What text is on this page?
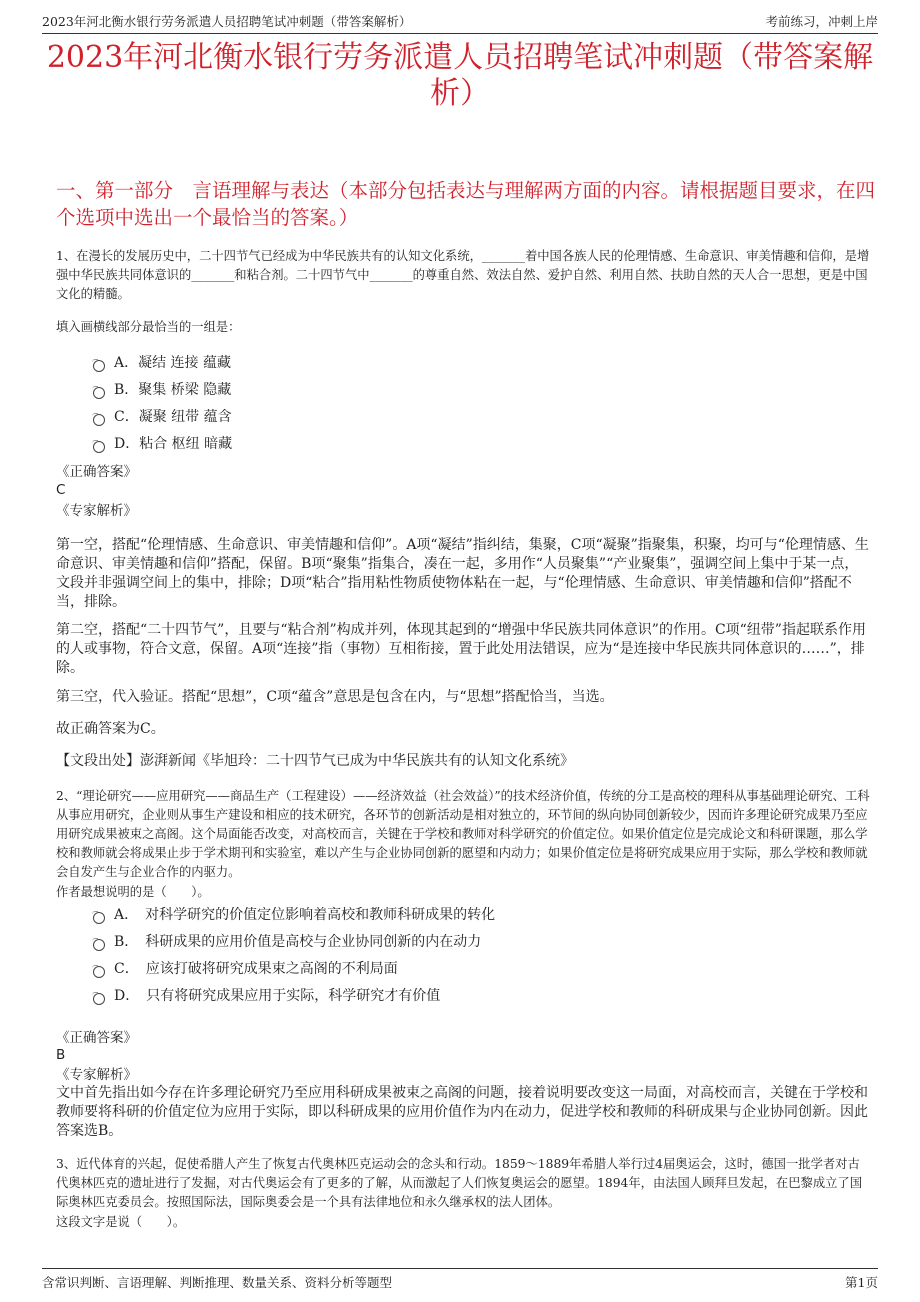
2023年河北衡水银行劳务派遣人员招聘笔试冲刺题（带答案解析）	考前练习，冲刺上岸
2023年河北衡水银行劳务派遣人员招聘笔试冲刺题（带答案解析）
一、第一部分　言语理解与表达（本部分包括表达与理解两方面的内容。请根据题目要求，在四个选项中选出一个最恰当的答案。）
1、在漫长的发展历史中，二十四节气已经成为中华民族共有的认知文化系统，_______着中国各族人民的伦理情感、生命意识、审美情趣和信仰，是增强中华民族共同体意识的_______和粘合剂。二十四节气中_______的尊重自然、效法自然、爱护自然、利用自然、扶助自然的天人合一思想，更是中国文化的精髓。
填入画横线部分最恰当的一组是：
A．凝结 连接 蕴藏
B．聚集 桥梁 隐藏
C．凝聚 纽带 蕴含
D．粘合 枢纽 暗藏
《正确答案》
C
《专家解析》
第一空，搭配“伦理情感、生命意识、审美情趣和信仰”。A项“凝结”指纠结，集聚，C项“凝聚”指聚集，积聚，均可与“伦理情感、生命意识、审美情趣和信仰”搭配，保留。B项“聚集”指集合，凑在一起，多用作“人员聚集”“产业聚集”，强调空间上集中于某一点，文段并非强调空间上的集中，排除；D项“粘合”指用粘性物质使物体粘在一起，与“伦理情感、生命意识、审美情趣和信仰”搭配不当，排除。
第二空，搭配“二十四节气”，且要与“粘合剂”构成并列，体现其起到的“增强中华民族共同体意识”的作用。C项“纽带”指起联系作用的人或事物，符合文意，保留。A项“连接”指（事物）互相衔接，置于此处用法错误，应为“是连接中华民族共同体意识的……”，排除。
第三空，代入验证。搭配“思想”，C项“蕴含”意思是包含在内，与“思想”搭配恰当，当选。
故正确答案为C。
【文段出处】澎湃新闻《毕旭玲：二十四节气已成为中华民族共有的认知文化系统》
2、“理论研究——应用研究——商品生产（工程建设）——经济效益（社会效益）”的技术经济价值，传统的分工是高校的理科从事基础理论研究、工科从事应用研究，企业则从事生产建设和相应的技术研究，各环节的创新活动是相对独立的，环节间的纵向协同创新较少，因而许多理论研究成果乃至应用研究成果被束之高阁。这个局面能否改变，对高校而言，关键在于学校和教师对科学研究的价值定位。如果价值定位是完成论文和科研课题，那么学校和教师就会将成果止步于学术期刊和实验室，难以产生与企业协同创新的愿望和内动力；如果价值定位是将研究成果应用于实际，那么学校和教师就会自发产生与企业合作的内驱力。
作者最想说明的是（　　）。
A．　对科学研究的价值定位影响着高校和教师科研成果的转化
B．　科研成果的应用价值是高校与企业协同创新的内在动力
C．　应该打破将研究成果束之高阁的不利局面
D．　只有将研究成果应用于实际，科学研究才有价值
《正确答案》
B
《专家解析》
文中首先指出如今存在许多理论研究乃至应用科研成果被束之高阁的问题，接着说明要改变这一局面，对高校而言，关键在于学校和教师要将科研的价值定位为应用于实际，即以科研成果的应用价值作为内在动力，促进学校和教师的科研成果与企业协同创新。因此答案选B。
3、近代体育的兴起，促使希腊人产生了恢复古代奥林匹克运动会的念头和行动。1859～1889年希腊人举行过4届奥运会，这时，德国一批学者对古代奥林匹克的遗址进行了发掘，对古代奥运会有了更多的了解，从而激起了人们恢复奥运会的愿望。1894年，由法国人顾拜旦发起，在巴黎成立了国际奥林匹克委员会。按照国际法，国际奥委会是一个具有法律地位和永久继承权的法人团体。
这段文字是说（　　）。
含常识判断、言语理解、判断推理、数量关系、资料分析等题型	第1页
